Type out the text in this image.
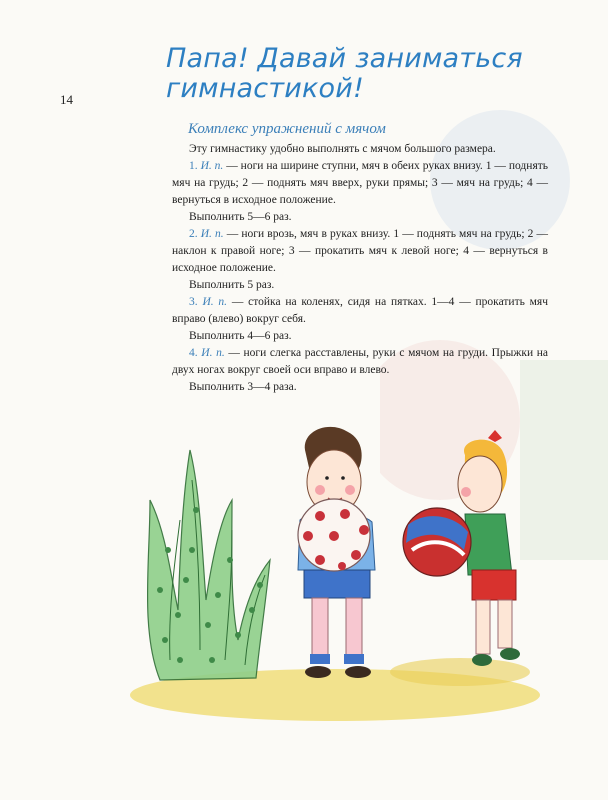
14
Папа! Давай заниматься
гимнастикой!
Комплекс упражнений с мячом

Эту гимнастику удобно выполнять с мячом большого размера.

1. И. п. — ноги на ширине ступни, мяч в обеих руках внизу. 1 — поднять мяч на грудь; 2 — поднять мяч вверх, руки прямы; 3 — мяч на грудь; 4 — вернуться в исходное положение.

Выполнить 5—6 раз.

2. И. п. — ноги врозь, мяч в руках внизу. 1 — поднять мяч на грудь; 2 — наклон к правой ноге; 3 — прокатить мяч к левой ноге; 4 — вернуться в исходное положение.

Выполнить 5 раз.

3. И. п. — стойка на коленях, сидя на пятках. 1—4 — прокатить мяч вправо (влево) вокруг себя.

Выполнить 4—6 раз.

4. И. п. — ноги слегка расставлены, руки с мячом на груди. Прыжки на двух ногах вокруг своей оси вправо и влево.

Выполнить 3—4 раза.
